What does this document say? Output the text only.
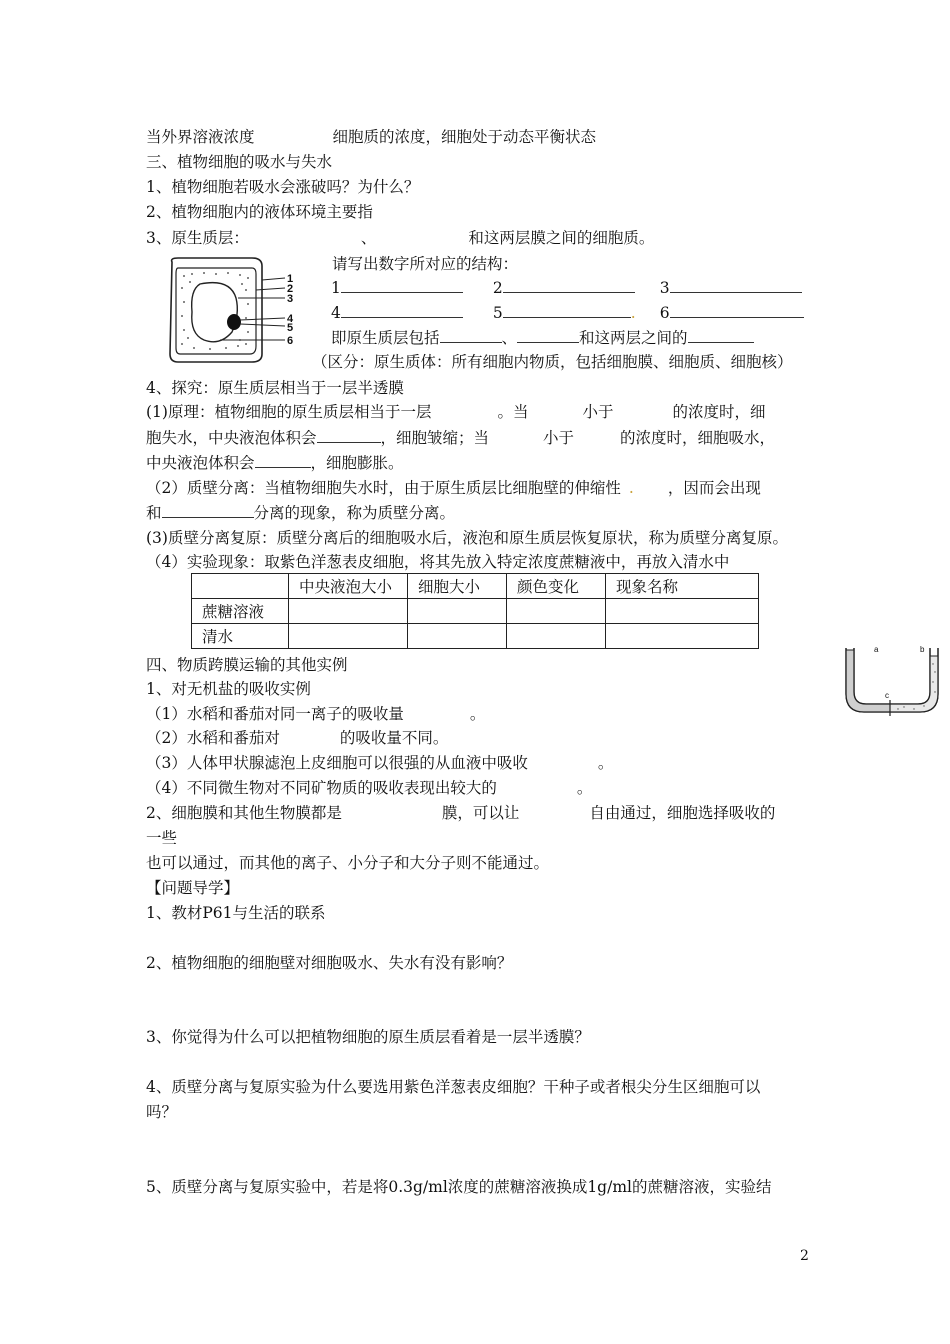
当外界溶液浓度	细胞质的浓度，细胞处于动态平衡状态
三、植物细胞的吸水与失水
1、植物细胞若吸水会涨破吗？为什么？
2、植物细胞内的液体环境主要指
3、原生质层：	、	和这两层膜之间的细胞质。
1
2
3
4
5
6
请写出数字所对应的结构：
1	2	3
4	5	. 6
即原生质层包括	、	和这两层之间的
（区分：原生质体：所有细胞内物质，包括细胞膜、细胞质、细胞核）
4、探究：原生质层相当于一层半透膜
(1)原理：植物细胞的原生质层相当于一层	。当	小于	的浓度时，细
胞失水，中央液泡体积会	，细胞皱缩；当	小于	的浓度时，细胞吸水，
中央液泡体积会	，细胞膨胀。
（2）质壁分离：当植物细胞失水时，由于原生质层比细胞壁的伸缩性 . ，因而会出现
和	分离的现象，称为质壁分离。
(3)质壁分离复原：质壁分离后的细胞吸水后，液泡和原生质层恢复原状，称为质壁分离复原。
（4）实验现象：取紫色洋葱表皮细胞，将其先放入特定浓度蔗糖液中，再放入清水中
	中央液泡大小	细胞大小	颜色变化	现象名称
蔗糖溶液				
清水				
a	b
c
四、物质跨膜运输的其他实例
1、对无机盐的吸收实例
（1）水稻和番茄对同一离子的吸收量	。
（2）水稻和番茄对	的吸收量不同。
（3）人体甲状腺滤泡上皮细胞可以很强的从血液中吸收	。
（4）不同微生物对不同矿物质的吸收表现出较大的	。
2、细胞膜和其他生物膜都是	膜，可以让	自由通过，细胞选择吸收的
一些
也可以通过，而其他的离子、小分子和大分子则不能通过。
【问题导学】
1、教材P61与生活的联系
2、植物细胞的细胞壁对细胞吸水、失水有没有影响？
3、你觉得为什么可以把植物细胞的原生质层看着是一层半透膜？
4、质壁分离与复原实验为什么要选用紫色洋葱表皮细胞？干种子或者根尖分生区细胞可以
吗？
5、质壁分离与复原实验中，若是将0.3g/ml浓度的蔗糖溶液换成1g/ml的蔗糖溶液，实验结
2
